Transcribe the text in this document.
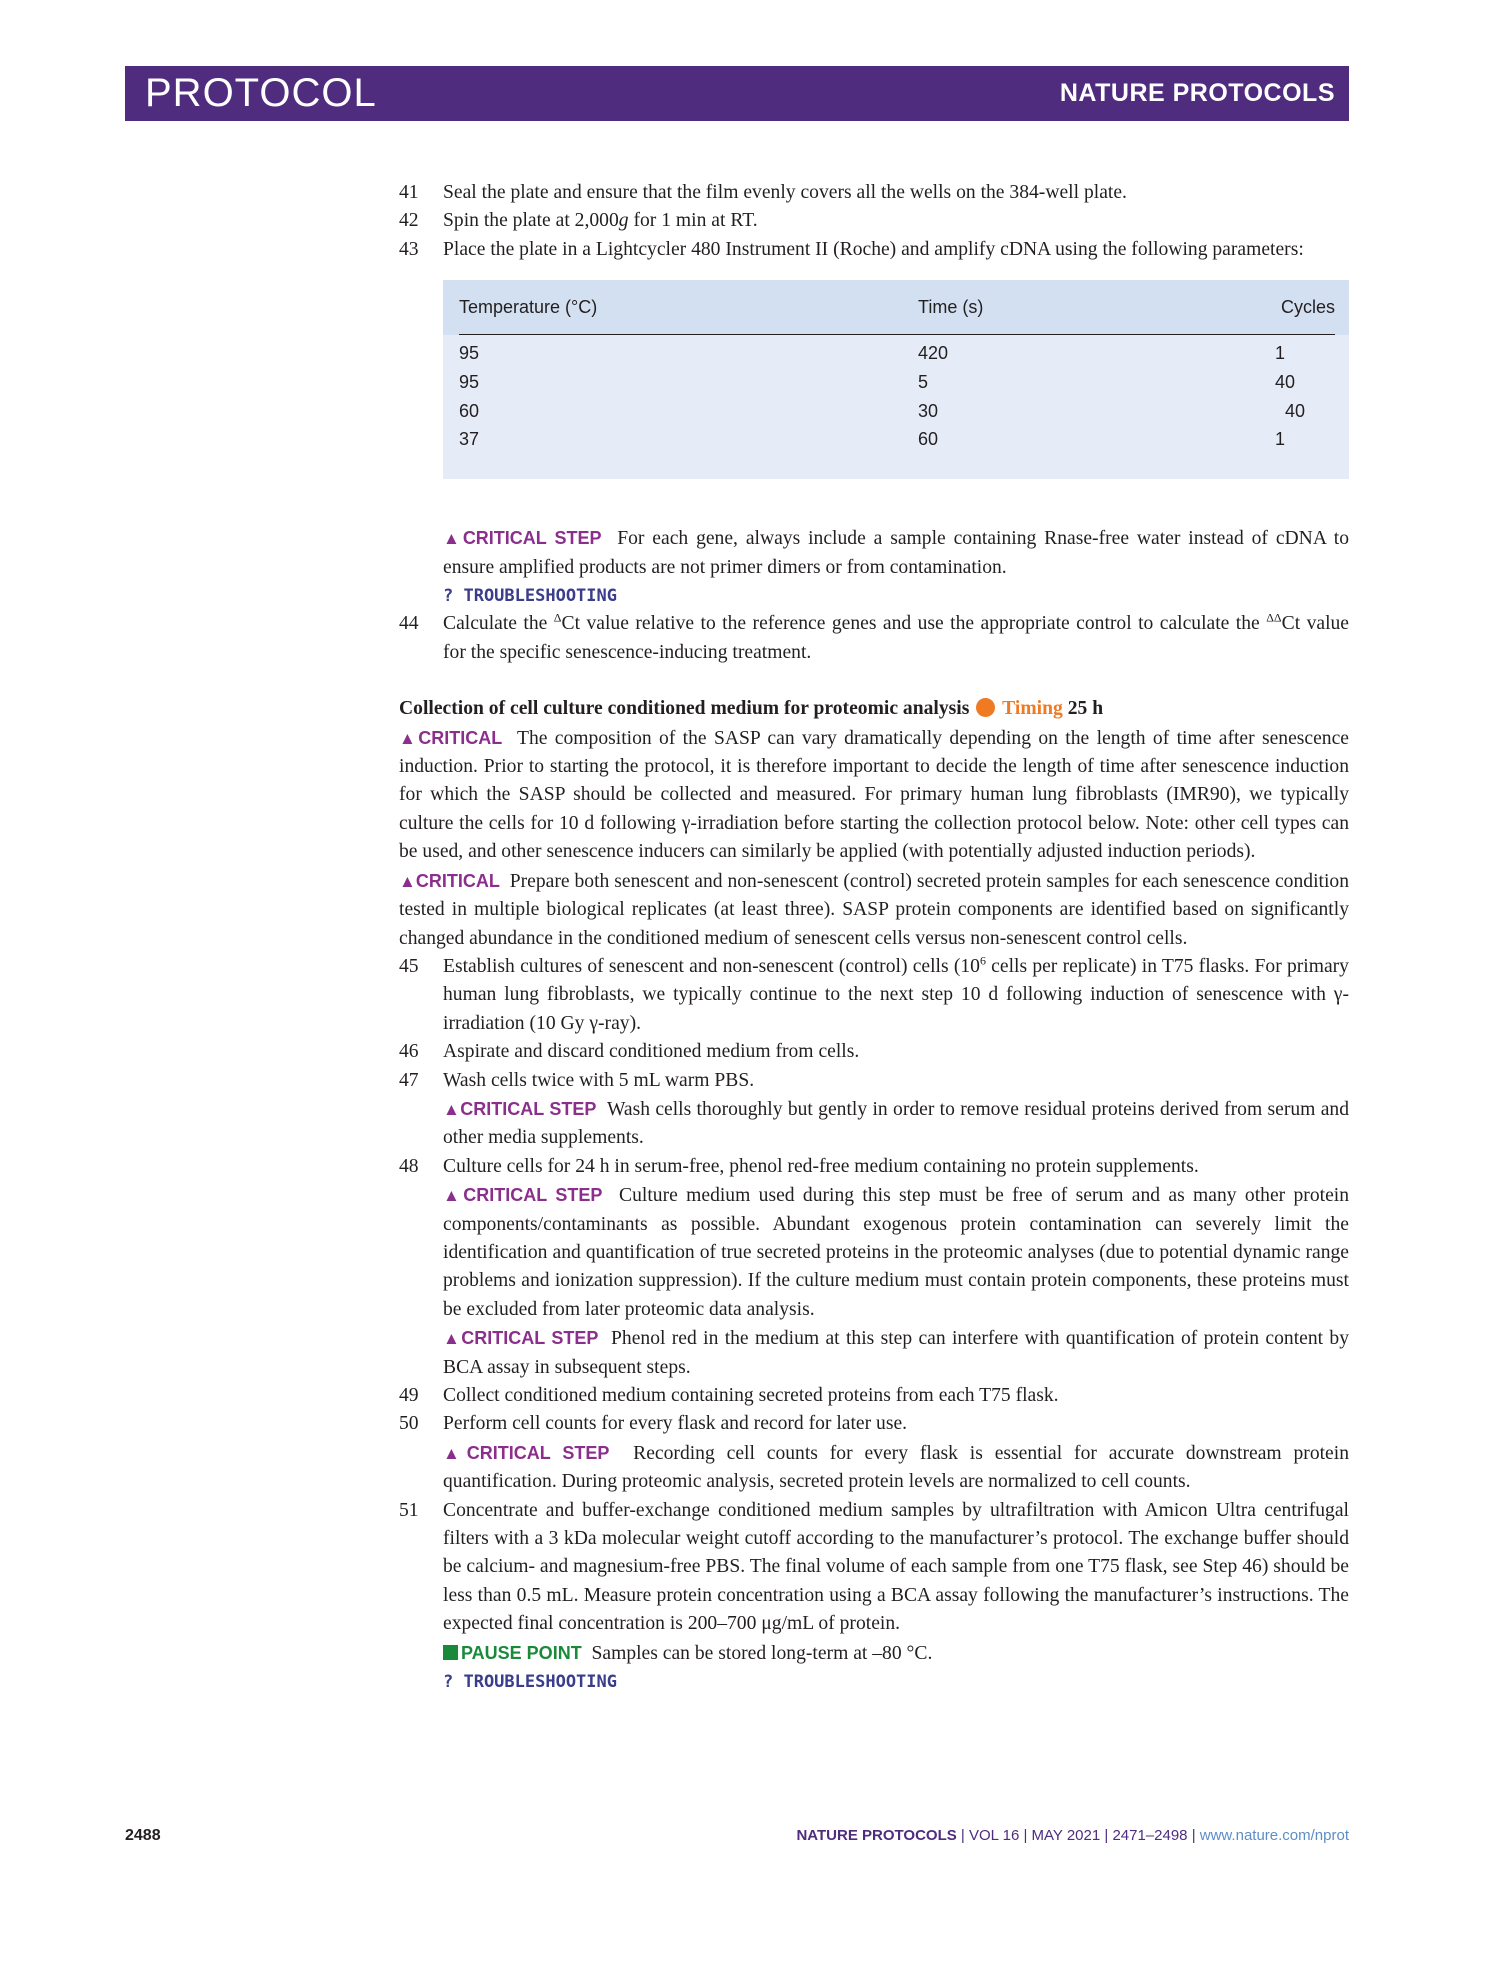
PROTOCOL	NATURE PROTOCOLS
41 Seal the plate and ensure that the film evenly covers all the wells on the 384-well plate.
42 Spin the plate at 2,000g for 1 min at RT.
43 Place the plate in a Lightcycler 480 Instrument II (Roche) and amplify cDNA using the following parameters:
Temperature (°C)	Time (s)	Cycles
95	420	1
95	5	40
60	30	40
37	60	1
▲CRITICAL STEP For each gene, always include a sample containing Rnase-free water instead of cDNA to ensure amplified products are not primer dimers or from contamination.
? TROUBLESHOOTING
44 Calculate the $^\Delta$Ct value relative to the reference genes and use the appropriate control to calculate the $^{\Delta\Delta}$Ct value for the specific senescence-inducing treatment.
Collection of cell culture conditioned medium for proteomic analysis Timing 25 h
▲CRITICAL The composition of the SASP can vary dramatically depending on the length of time after senescence induction. Prior to starting the protocol, it is therefore important to decide the length of time after senescence induction for which the SASP should be collected and measured. For primary human lung fibroblasts (IMR90), we typically culture the cells for 10 d following γ-irradiation before starting the collection protocol below. Note: other cell types can be used, and other senescence inducers can similarly be applied (with potentially adjusted induction periods).
▲CRITICAL Prepare both senescent and non-senescent (control) secreted protein samples for each senescence condition tested in multiple biological replicates (at least three). SASP protein components are identified based on significantly changed abundance in the conditioned medium of senescent cells versus non-senescent control cells.
45 Establish cultures of senescent and non-senescent (control) cells ($10^6$ cells per replicate) in T75 flasks. For primary human lung fibroblasts, we typically continue to the next step 10 d following induction of senescence with γ-irradiation (10 Gy γ-ray).
46 Aspirate and discard conditioned medium from cells.
47 Wash cells twice with 5 mL warm PBS.
▲CRITICAL STEP Wash cells thoroughly but gently in order to remove residual proteins derived from serum and other media supplements.
48 Culture cells for 24 h in serum-free, phenol red-free medium containing no protein supplements.
▲CRITICAL STEP Culture medium used during this step must be free of serum and as many other protein components/contaminants as possible. Abundant exogenous protein contamination can severely limit the identification and quantification of true secreted proteins in the proteomic analyses (due to potential dynamic range problems and ionization suppression). If the culture medium must contain protein components, these proteins must be excluded from later proteomic data analysis.
▲CRITICAL STEP Phenol red in the medium at this step can interfere with quantification of protein content by BCA assay in subsequent steps.
49 Collect conditioned medium containing secreted proteins from each T75 flask.
50 Perform cell counts for every flask and record for later use.
▲CRITICAL STEP Recording cell counts for every flask is essential for accurate downstream protein quantification. During proteomic analysis, secreted protein levels are normalized to cell counts.
51 Concentrate and buffer-exchange conditioned medium samples by ultrafiltration with Amicon Ultra centrifugal filters with a 3 kDa molecular weight cutoff according to the manufacturer’s protocol. The exchange buffer should be calcium- and magnesium-free PBS. The final volume of each sample from one T75 flask, see Step 46) should be less than 0.5 mL. Measure protein concentration using a BCA assay following the manufacturer’s instructions. The expected final concentration is 200–700 μg/mL of protein.
PAUSE POINT Samples can be stored long-term at –80 °C.
? TROUBLESHOOTING
2488	NATURE PROTOCOLS | VOL 16 | MAY 2021 | 2471–2498 | www.nature.com/nprot
